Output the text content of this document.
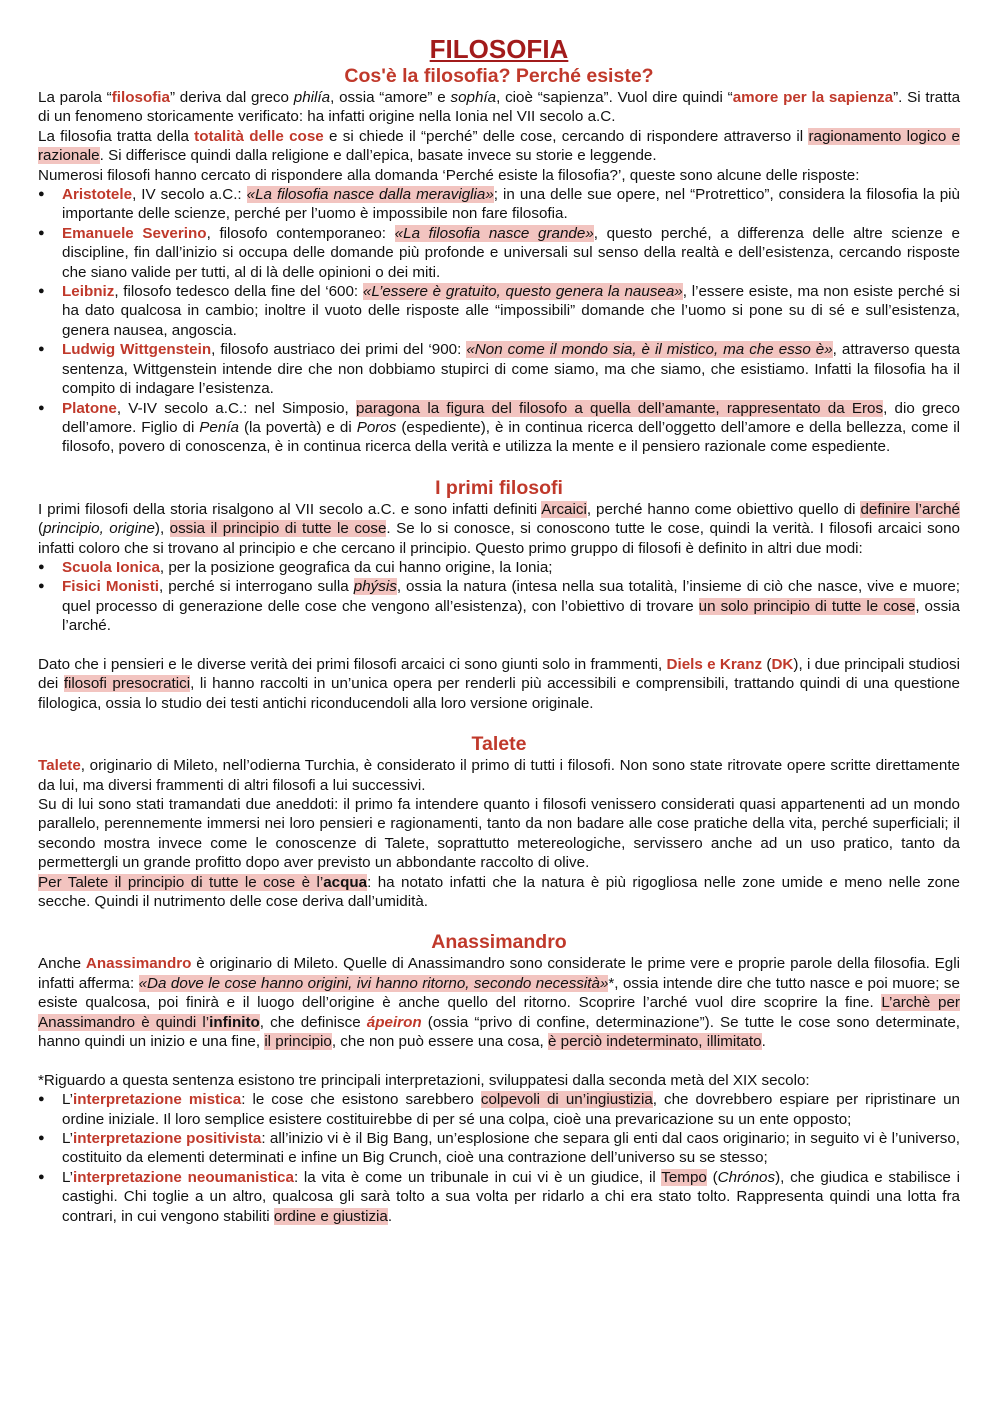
FILOSOFIA
Cos'è la filosofia? Perché esiste?

La parola “filosofia” deriva dal greco philía, ossia “amore” e sophía, cioè “sapienza”. Vuol dire quindi “amore per la sapienza”. Si tratta di un fenomeno storicamente verificato: ha infatti origine nella Ionia nel VII secolo a.C.

La filosofia tratta della totalità delle cose e si chiede il “perché” delle cose, cercando di rispondere attraverso il ragionamento logico e razionale. Si differisce quindi dalla religione e dall’epica, basate invece su storie e leggende.

Numerosi filosofi hanno cercato di rispondere alla domanda ‘Perché esiste la filosofia?’, queste sono alcune delle risposte:

● Aristotele, IV secolo a.C.: «La filosofia nasce dalla meraviglia»; in una delle sue opere, nel “Protrettico”, considera la filosofia la più importante delle scienze, perché per l’uomo è impossibile non fare filosofia.
● Emanuele Severino, filosofo contemporaneo: «La filosofia nasce grande», questo perché, a differenza delle altre scienze e discipline, fin dall’inizio si occupa delle domande più profonde e universali sul senso della realtà e dell’esistenza, cercando risposte che siano valide per tutti, al di là delle opinioni o dei miti.
● Leibniz, filosofo tedesco della fine del ‘600: «L’essere è gratuito, questo genera la nausea», l’essere esiste, ma non esiste perché si ha dato qualcosa in cambio; inoltre il vuoto delle risposte alle “impossibili” domande che l’uomo si pone su di sé e sull’esistenza, genera nausea, angoscia.
● Ludwig Wittgenstein, filosofo austriaco dei primi del ‘900: «Non come il mondo sia, è il mistico, ma che esso è», attraverso questa sentenza, Wittgenstein intende dire che non dobbiamo stupirci di come siamo, ma che siamo, che esistiamo. Infatti la filosofia ha il compito di indagare l’esistenza.
● Platone, V-IV secolo a.C.: nel Simposio, paragona la figura del filosofo a quella dell’amante, rappresentato da Eros, dio greco dell’amore. Figlio di Penía (la povertà) e di Poros (espediente), è in continua ricerca dell’oggetto dell’amore e della bellezza, come il filosofo, povero di conoscenza, è in continua ricerca della verità e utilizza la mente e il pensiero razionale come espediente.
I primi filosofi

I primi filosofi della storia risalgono al VII secolo a.C. e sono infatti definiti Arcaici, perché hanno come obiettivo quello di definire l’arché (principio, origine), ossia il principio di tutte le cose. Se lo si conosce, si conoscono tutte le cose, quindi la verità. I filosofi arcaici sono infatti coloro che si trovano al principio e che cercano il principio. Questo primo gruppo di filosofi è definito in altri due modi:

● Scuola Ionica, per la posizione geografica da cui hanno origine, la Ionia;
● Fisici Monisti, perché si interrogano sulla phýsis, ossia la natura (intesa nella sua totalità, l’insieme di ciò che nasce, vive e muore; quel processo di generazione delle cose che vengono all’esistenza), con l’obiettivo di trovare un solo principio di tutte le cose, ossia l’arché.

Dato che i pensieri e le diverse verità dei primi filosofi arcaici ci sono giunti solo in frammenti, Diels e Kranz (DK), i due principali studiosi dei filosofi presocratici, li hanno raccolti in un’unica opera per renderli più accessibili e comprensibili, trattando quindi di una questione filologica, ossia lo studio dei testi antichi riconducendoli alla loro versione originale.

Talete

Talete, originario di Mileto, nell’odierna Turchia, è considerato il primo di tutti i filosofi. Non sono state ritrovate opere scritte direttamente da lui, ma diversi frammenti di altri filosofi a lui successivi.

Su di lui sono stati tramandati due aneddoti: il primo fa intendere quanto i filosofi venissero considerati quasi appartenenti ad un mondo parallelo, perennemente immersi nei loro pensieri e ragionamenti, tanto da non badare alle cose pratiche della vita, perché superficiali; il secondo mostra invece come le conoscenze di Talete, soprattutto metereologiche, servissero anche ad un uso pratico, tanto da permettergli un grande profitto dopo aver previsto un abbondante raccolto di olive.

Per Talete il principio di tutte le cose è l’acqua: ha notato infatti che la natura è più rigogliosa nelle zone umide e meno nelle zone secche. Quindi il nutrimento delle cose deriva dall’umidità.

Anassimandro

Anche Anassimandro è originario di Mileto. Quelle di Anassimandro sono considerate le prime vere e proprie parole della filosofia. Egli infatti afferma: «Da dove le cose hanno origini, ivi hanno ritorno, secondo necessità»*, ossia intende dire che tutto nasce e poi muore; se esiste qualcosa, poi finirà e il luogo dell’origine è anche quello del ritorno. Scoprire l’arché vuol dire scoprire la fine. L’archè per Anassimandro è quindi l’infinito, che definisce ápeiron (ossia “privo di confine, determinazione”). Se tutte le cose sono determinate, hanno quindi un inizio e una fine, il principio, che non può essere una cosa, è perciò indeterminato, illimitato.

*Riguardo a questa sentenza esistono tre principali interpretazioni, sviluppatesi dalla seconda metà del XIX secolo:

● L’interpretazione mistica: le cose che esistono sarebbero colpevoli di un’ingiustizia, che dovrebbero espiare per ripristinare un ordine iniziale. Il loro semplice esistere costituirebbe di per sé una colpa, cioè una prevaricazione su un ente opposto;
● L’interpretazione positivista: all’inizio vi è il Big Bang, un’esplosione che separa gli enti dal caos originario; in seguito vi è l’universo, costituito da elementi determinati e infine un Big Crunch, cioè una contrazione dell’universo su se stesso;
● L’interpretazione neoumanistica: la vita è come un tribunale in cui vi è un giudice, il Tempo (Chrónos), che giudica e stabilisce i castighi. Chi toglie a un altro, qualcosa gli sarà tolto a sua volta per ridarlo a chi era stato tolto. Rappresenta quindi una lotta fra contrari, in cui vengono stabiliti ordine e giustizia.
